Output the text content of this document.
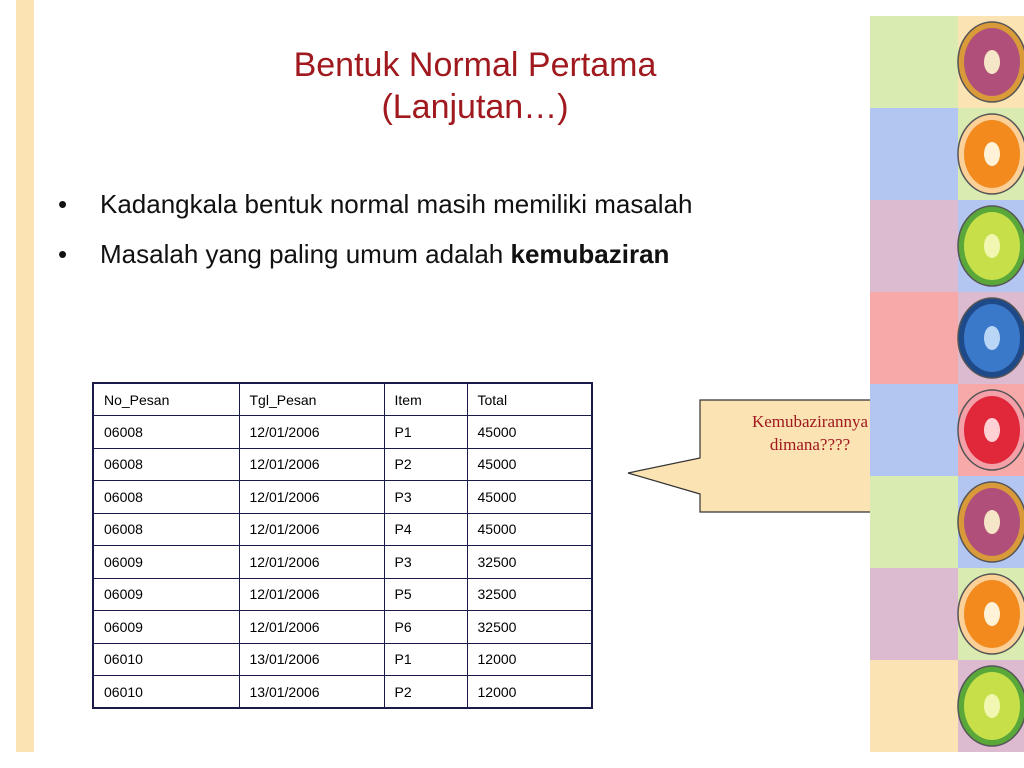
Bentuk Normal Pertama
(Lanjutan…)
• Kadangkala bentuk normal masih memiliki masalah
• Masalah yang paling umum adalah kemubaziran
No_Pesan	Tgl_Pesan	Item	Total
06008	12/01/2006	P1	45000
06008	12/01/2006	P2	45000
06008	12/01/2006	P3	45000
06008	12/01/2006	P4	45000
06009	12/01/2006	P3	32500
06009	12/01/2006	P5	32500
06009	12/01/2006	P6	32500
06010	13/01/2006	P1	12000
06010	13/01/2006	P2	12000
Kemubazirannya
dimana????
